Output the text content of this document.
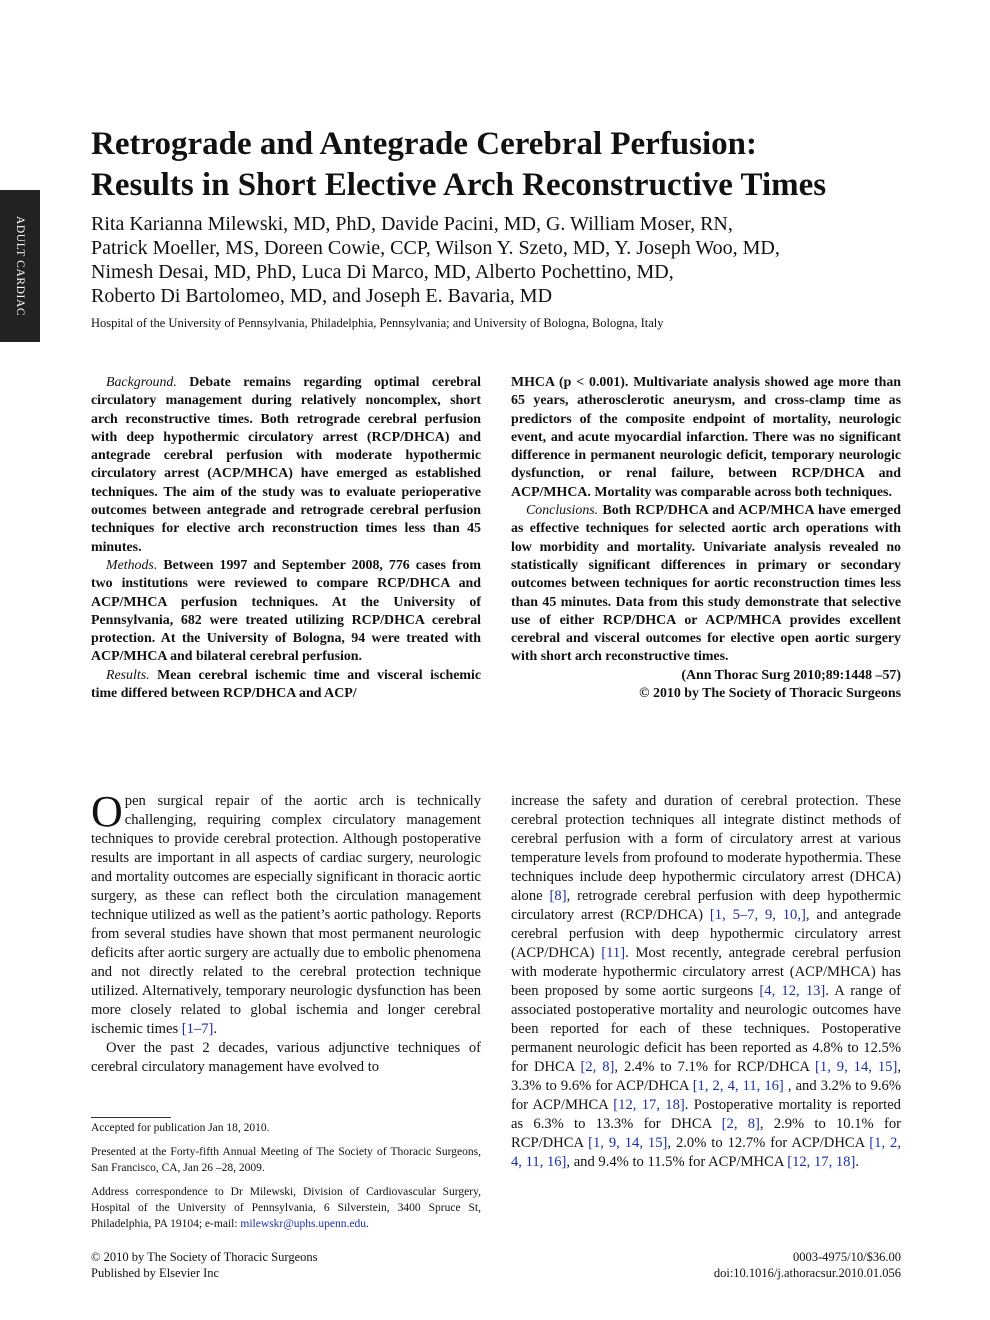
ADULT CARDIAC
Retrograde and Antegrade Cerebral Perfusion:
Results in Short Elective Arch Reconstructive Times
Rita Karianna Milewski, MD, PhD, Davide Pacini, MD, G. William Moser, RN,
Patrick Moeller, MS, Doreen Cowie, CCP, Wilson Y. Szeto, MD, Y. Joseph Woo, MD,
Nimesh Desai, MD, PhD, Luca Di Marco, MD, Alberto Pochettino, MD,
Roberto Di Bartolomeo, MD, and Joseph E. Bavaria, MD
Hospital of the University of Pennsylvania, Philadelphia, Pennsylvania; and University of Bologna, Bologna, Italy

Background. Debate remains regarding optimal cerebral circulatory management during relatively noncomplex, short arch reconstructive times. Both retrograde cerebral perfusion with deep hypothermic circulatory arrest (RCP/DHCA) and antegrade cerebral perfusion with moderate hypothermic circulatory arrest (ACP/MHCA) have emerged as established techniques. The aim of the study was to evaluate perioperative outcomes between antegrade and retrograde cerebral perfusion techniques for elective arch reconstruction times less than 45 minutes.

Methods. Between 1997 and September 2008, 776 cases from two institutions were reviewed to compare RCP/DHCA and ACP/MHCA perfusion techniques. At the University of Pennsylvania, 682 were treated utilizing RCP/DHCA cerebral protection. At the University of Bologna, 94 were treated with ACP/MHCA and bilateral cerebral perfusion.

Results. Mean cerebral ischemic time and visceral ischemic time differed between RCP/DHCA and ACP/

MHCA (p < 0.001). Multivariate analysis showed age more than 65 years, atherosclerotic aneurysm, and cross-clamp time as predictors of the composite endpoint of mortality, neurologic event, and acute myocardial infarction. There was no significant difference in permanent neurologic deficit, temporary neurologic dysfunction, or renal failure, between RCP/DHCA and ACP/MHCA. Mortality was comparable across both techniques.

Conclusions. Both RCP/DHCA and ACP/MHCA have emerged as effective techniques for selected aortic arch operations with low morbidity and mortality. Univariate analysis revealed no statistically significant differences in primary or secondary outcomes between techniques for aortic reconstruction times less than 45 minutes. Data from this study demonstrate that selective use of either RCP/DHCA or ACP/MHCA provides excellent cerebral and visceral outcomes for elective open aortic surgery with short arch reconstructive times.

(Ann Thorac Surg 2010;89:1448 –57)

© 2010 by The Society of Thoracic Surgeons

Open surgical repair of the aortic arch is technically challenging, requiring complex circulatory management techniques to provide cerebral protection. Although postoperative results are important in all aspects of cardiac surgery, neurologic and mortality outcomes are especially significant in thoracic aortic surgery, as these can reflect both the circulation management technique utilized as well as the patient’s aortic pathology. Reports from several studies have shown that most permanent neurologic deficits after aortic surgery are actually due to embolic phenomena and not directly related to the cerebral protection technique utilized. Alternatively, temporary neurologic dysfunction has been more closely related to global ischemia and longer cerebral ischemic times [1–7].

Over the past 2 decades, various adjunctive techniques of cerebral circulatory management have evolved to

increase the safety and duration of cerebral protection. These cerebral protection techniques all integrate distinct methods of cerebral perfusion with a form of circulatory arrest at various temperature levels from profound to moderate hypothermia. These techniques include deep hypothermic circulatory arrest (DHCA) alone [8], retrograde cerebral perfusion with deep hypothermic circulatory arrest (RCP/DHCA) [1, 5–7, 9, 10,], and antegrade cerebral perfusion with deep hypothermic circulatory arrest (ACP/DHCA) [11]. Most recently, antegrade cerebral perfusion with moderate hypothermic circulatory arrest (ACP/MHCA) has been proposed by some aortic surgeons [4, 12, 13]. A range of associated postoperative mortality and neurologic outcomes have been reported for each of these techniques. Postoperative permanent neurologic deficit has been reported as 4.8% to 12.5% for DHCA [2, 8], 2.4% to 7.1% for RCP/DHCA [1, 9, 14, 15], 3.3% to 9.6% for ACP/DHCA [1, 2, 4, 11, 16] , and 3.2% to 9.6% for ACP/MHCA [12, 17, 18]. Postoperative mortality is reported as 6.3% to 13.3% for DHCA [2, 8], 2.9% to 10.1% for RCP/DHCA [1, 9, 14, 15], 2.0% to 12.7% for ACP/DHCA [1, 2, 4, 11, 16], and 9.4% to 11.5% for ACP/MHCA [12, 17, 18].

Accepted for publication Jan 18, 2010.

Presented at the Forty-fifth Annual Meeting of The Society of Thoracic Surgeons, San Francisco, CA, Jan 26 –28, 2009.

Address correspondence to Dr Milewski, Division of Cardiovascular Surgery, Hospital of the University of Pennsylvania, 6 Silverstein, 3400 Spruce St, Philadelphia, PA 19104; e-mail: milewskr@uphs.upenn.edu.

© 2010 by The Society of Thoracic Surgeons
Published by Elsevier Inc
0003-4975/10/$36.00
doi:10.1016/j.athoracsur.2010.01.056
